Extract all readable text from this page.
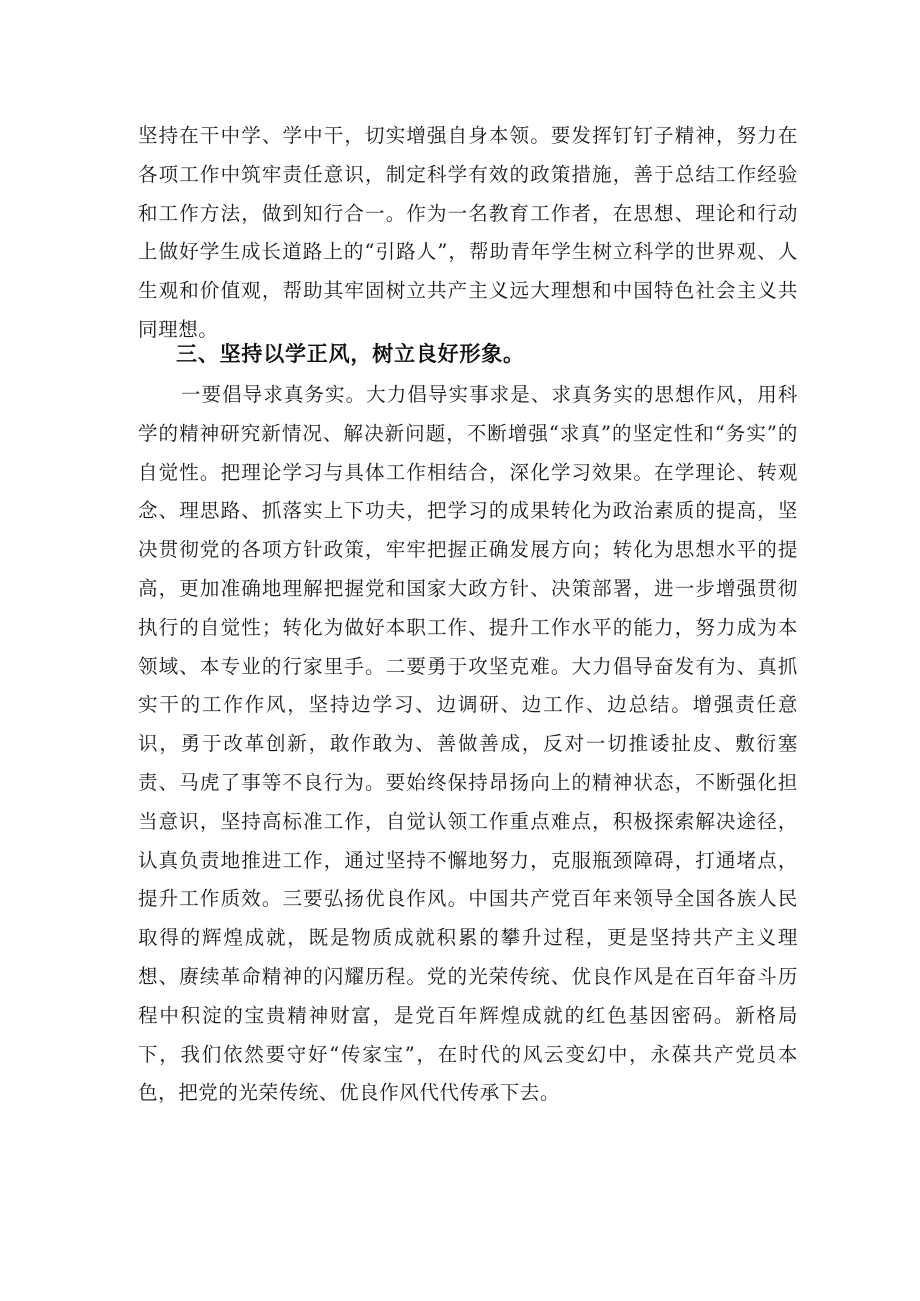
坚持在干中学、学中干，切实增强自身本领。要发挥钉钉子精神，努力在各项工作中筑牢责任意识，制定科学有效的政策措施，善于总结工作经验和工作方法，做到知行合一。作为一名教育工作者，在思想、理论和行动上做好学生成长道路上的“引路人”，帮助青年学生树立科学的世界观、人生观和价值观，帮助其牢固树立共产主义远大理想和中国特色社会主义共同理想。

三、坚持以学正风，树立良好形象。

一要倡导求真务实。大力倡导实事求是、求真务实的思想作风，用科学的精神研究新情况、解决新问题，不断增强“求真”的坚定性和“务实”的自觉性。把理论学习与具体工作相结合，深化学习效果。在学理论、转观念、理思路、抓落实上下功夫，把学习的成果转化为政治素质的提高，坚决贯彻党的各项方针政策，牢牢把握正确发展方向；转化为思想水平的提高，更加准确地理解把握党和国家大政方针、决策部署，进一步增强贯彻执行的自觉性；转化为做好本职工作、提升工作水平的能力，努力成为本领域、本专业的行家里手。二要勇于攻坚克难。大力倡导奋发有为、真抓实干的工作作风，坚持边学习、边调研、边工作、边总结。增强责任意识，勇于改革创新，敢作敢为、善做善成，反对一切推诿扯皮、敷衍塞责、马虎了事等不良行为。要始终保持昂扬向上的精神状态，不断强化担当意识，坚持高标准工作，自觉认领工作重点难点，积极探索解决途径，认真负责地推进工作，通过坚持不懈地努力，克服瓶颈障碍，打通堵点，提升工作质效。三要弘扬优良作风。中国共产党百年来领导全国各族人民取得的辉煌成就，既是物质成就积累的攀升过程，更是坚持共产主义理想、赓续革命精神的闪耀历程。党的光荣传统、优良作风是在百年奋斗历程中积淀的宝贵精神财富，是党百年辉煌成就的红色基因密码。新格局下，我们依然要守好“传家宝”，在时代的风云变幻中，永葆共产党员本色，把党的光荣传统、优良作风代代传承下去。
